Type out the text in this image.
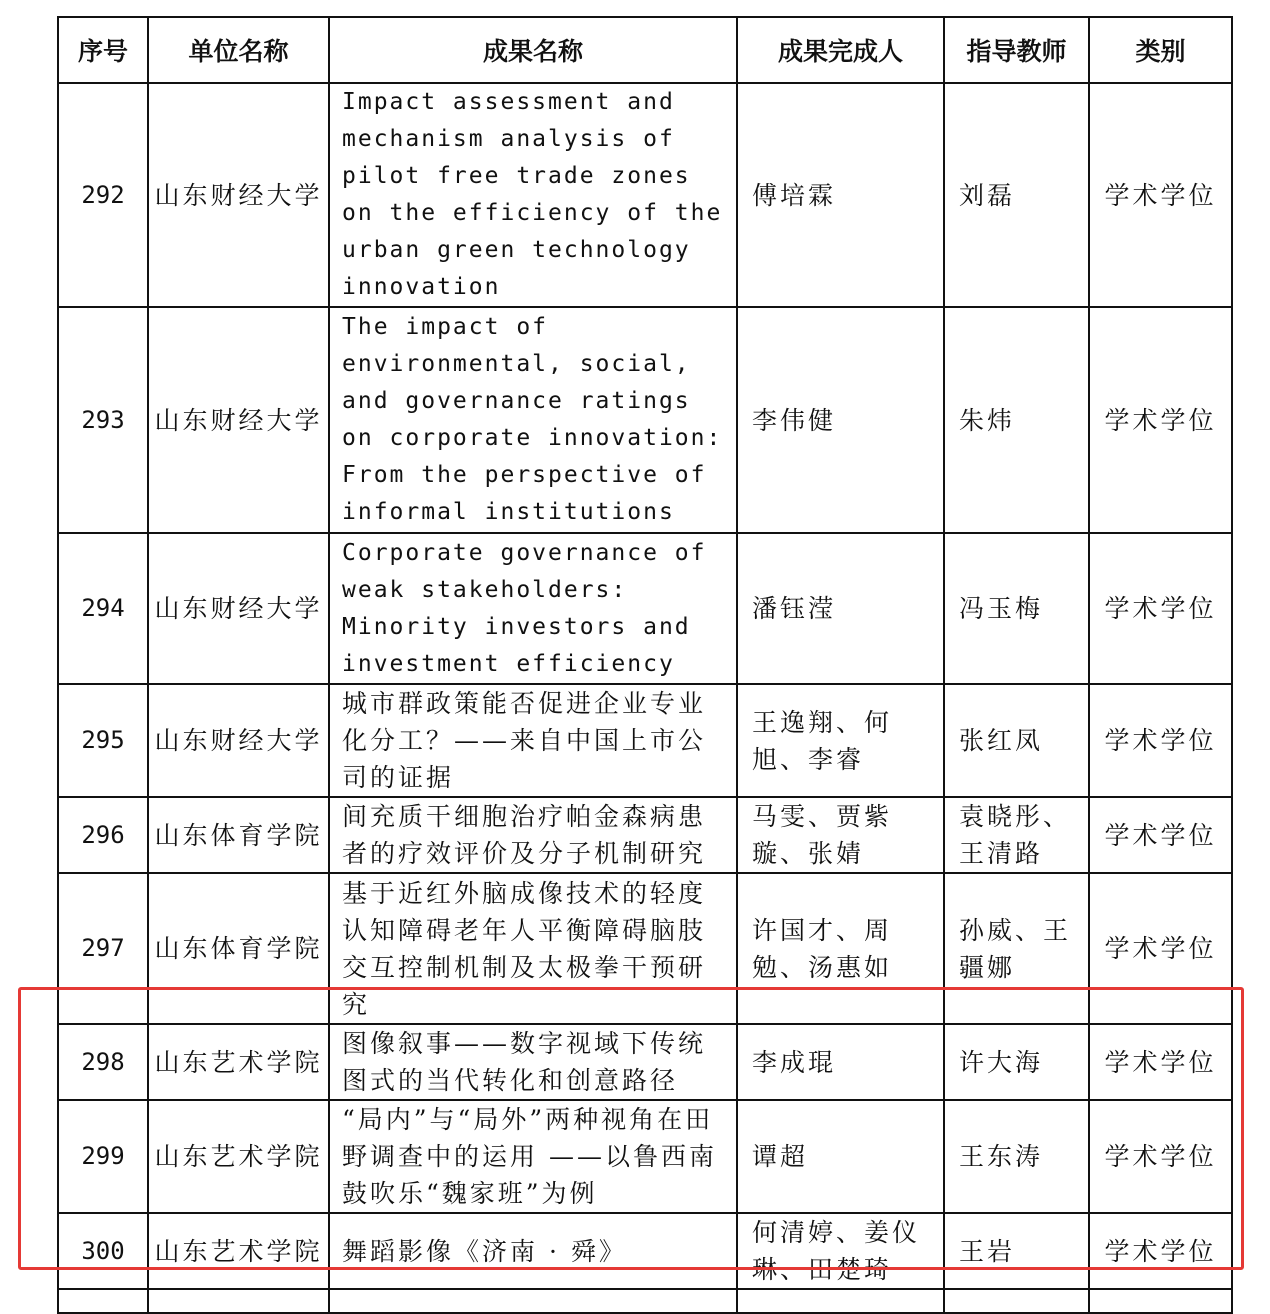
序号	单位名称	成果名称	成果完成人	指导教师	类别
292	山东财经大学	Impact assessment and mechanism analysis of pilot free trade zones on the efficiency of the urban green technology innovation	傅培霖	刘磊	学术学位
293	山东财经大学	The impact of environmental, social, and governance ratings on corporate innovation: From the perspective of informal institutions	李伟健	朱炜	学术学位
294	山东财经大学	Corporate governance of weak stakeholders: Minority investors and investment efficiency	潘钰滢	冯玉梅	学术学位
295	山东财经大学	城市群政策能否促进企业专业化分工？——来自中国上市公司的证据	王逸翔、何旭、李睿	张红凤	学术学位
296	山东体育学院	间充质干细胞治疗帕金森病患者的疗效评价及分子机制研究	马雯、贾紫璇、张婧	袁晓彤、王清路	学术学位
297	山东体育学院	基于近红外脑成像技术的轻度认知障碍老年人平衡障碍脑肢交互控制机制及太极拳干预研究	许国才、周勉、汤惠如	孙威、王疆娜	学术学位
298	山东艺术学院	图像叙事——数字视域下传统图式的当代转化和创意路径	李成琨	许大海	学术学位
299	山东艺术学院	“局内”与“局外”两种视角在田野调查中的运用 ——以鲁西南鼓吹乐“魏家班”为例	谭超	王东涛	学术学位
300	山东艺术学院	舞蹈影像《济南 · 舜》	何清婷、姜仪琳、田楚琦	王岩	学术学位
